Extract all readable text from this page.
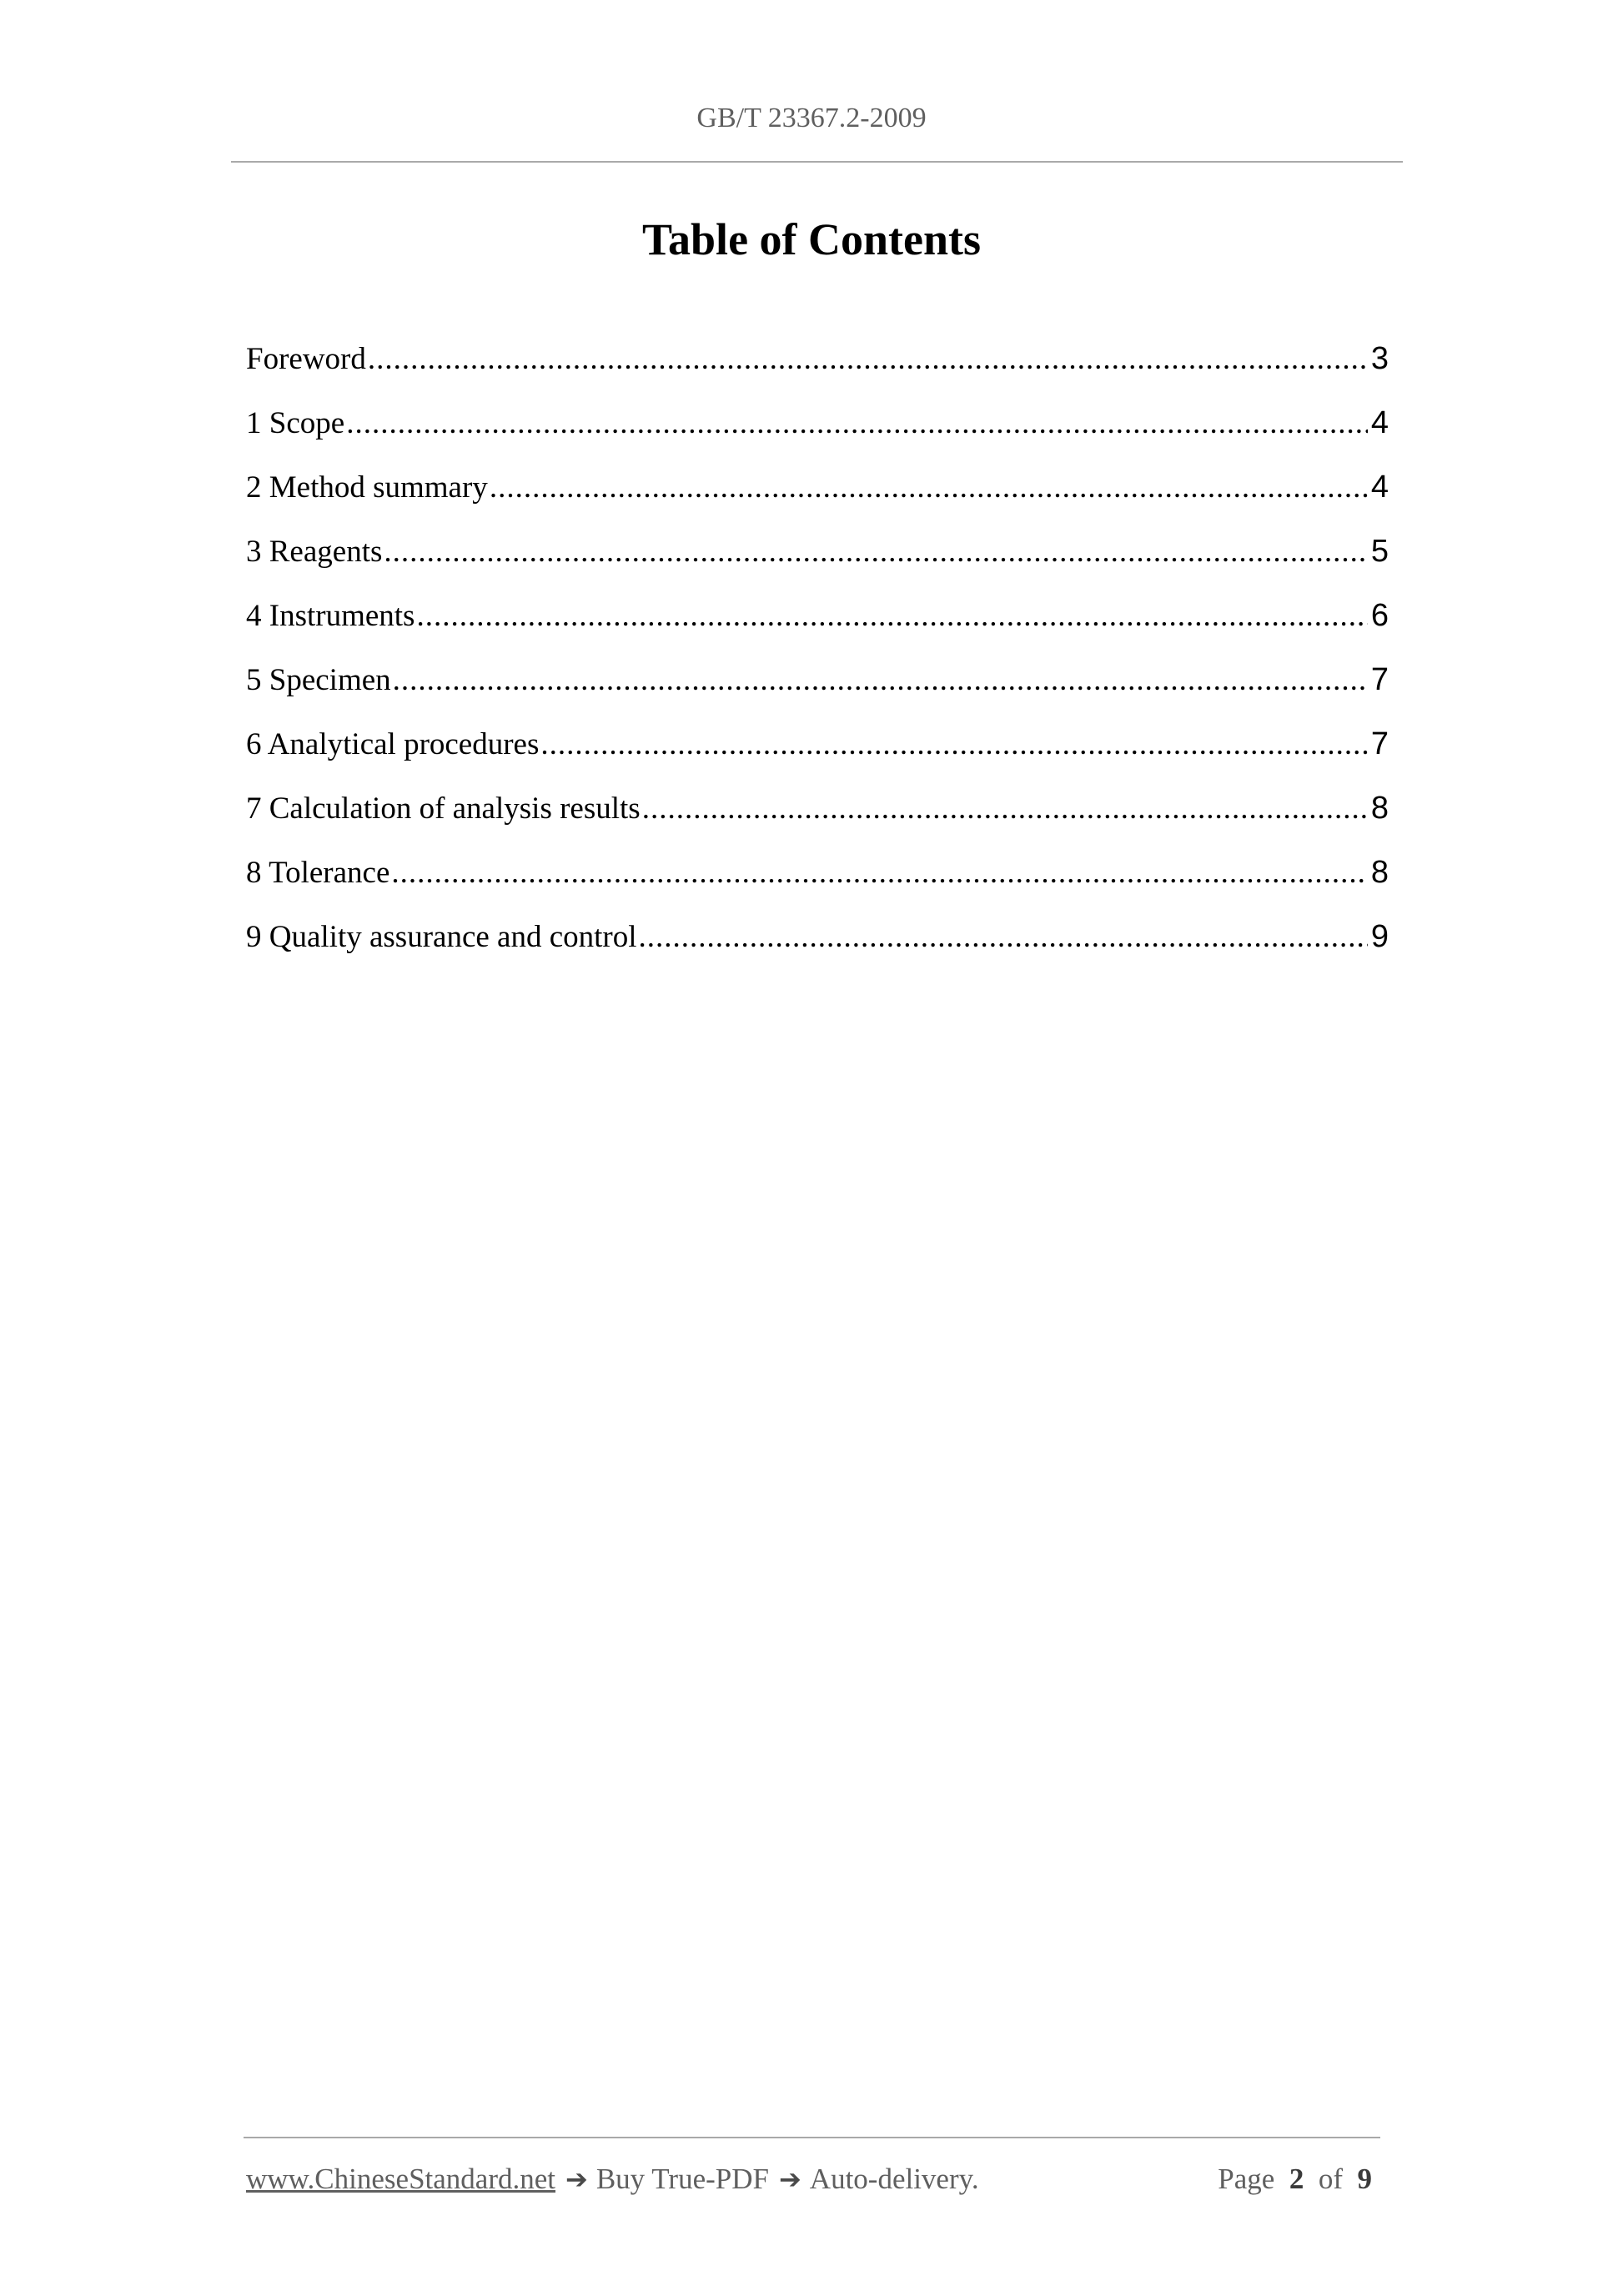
GB/T 23367.2-2009
Table of Contents
Foreword .....	3
1 Scope .....	4
2 Method summary .....	4
3 Reagents .....	5
4 Instruments .....	6
5 Specimen .....	7
6 Analytical procedures .....	7
7 Calculation of analysis results .....	8
8 Tolerance .....	8
9 Quality assurance and control .....	9
www.ChineseStandard.net ➔ Buy True-PDF ➔ Auto-delivery.	Page 2 of 9
